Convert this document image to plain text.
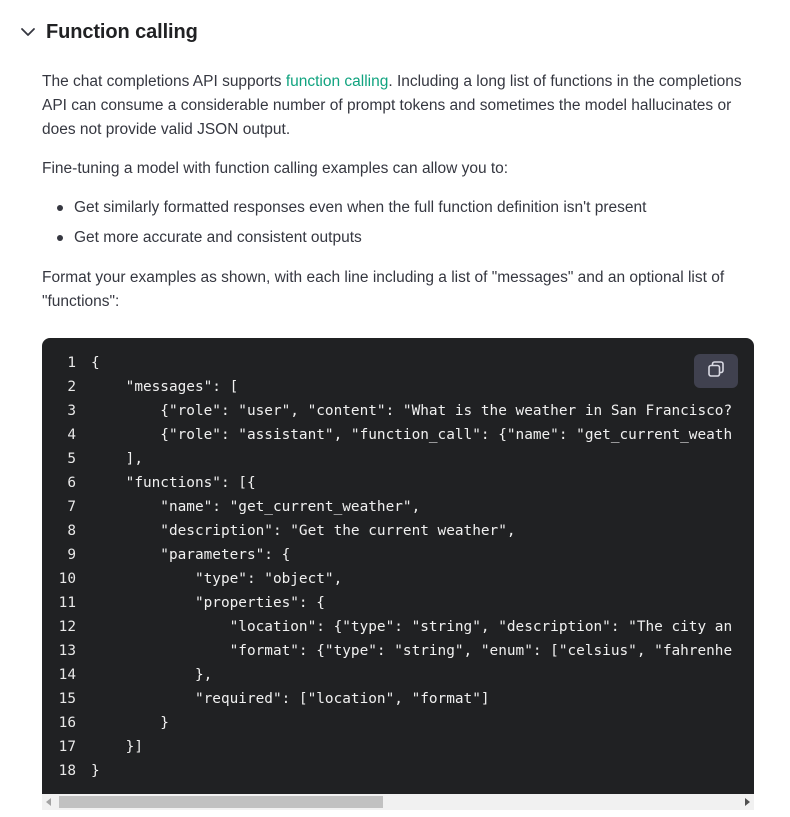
Function calling

The chat completions API supports function calling. Including a long list of functions in the completions API can consume a considerable number of prompt tokens and sometimes the model hallucinates or does not provide valid JSON output.

Fine-tuning a model with function calling examples can allow you to:

Get similarly formatted responses even when the full function definition isn't present
Get more accurate and consistent outputs

Format your examples as shown, with each line including a list of "messages" and an optional list of "functions":

1	{
2	"messages": [
3	{"role": "user", "content": "What is the weather in San Francisco?
4	{"role": "assistant", "function_call": {"name": "get_current_weath
5	],
6	"functions": [{
7	"name": "get_current_weather",
8	"description": "Get the current weather",
9	"parameters": {
10	"type": "object",
11	"properties": {
12	"location": {"type": "string", "description": "The city an
13	"format": {"type": "string", "enum": ["celsius", "fahrenhe
14	},
15	"required": ["location", "format"]
16	}
17	}]
18	}
